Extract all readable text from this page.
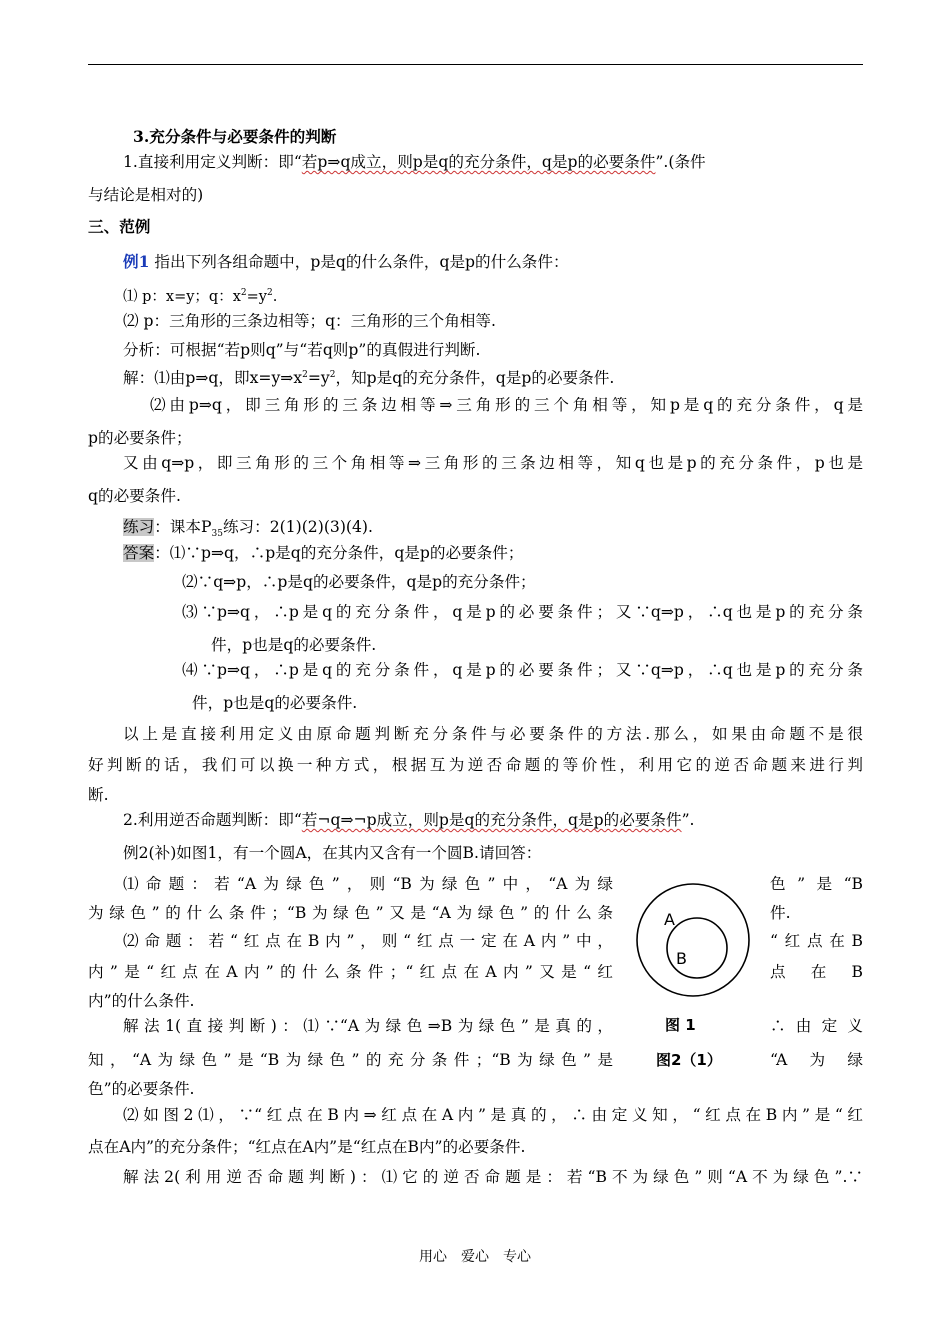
3.充分条件与必要条件的判断
1.直接利用定义判断：即“若p⇒q成立，则p是q的充分条件，q是p的必要条件”.(条件
与结论是相对的)
三、范例
例1 指出下列各组命题中，p是q的什么条件，q是p的什么条件：
⑴ p：x=y；q：$x^2=y^2$.
⑵ p：三角形的三条边相等；q：三角形的三个角相等.
分析：可根据“若p则q”与“若q则p”的真假进行判断.
解：⑴由p⇒q，即$x=y\Rightarrow x^2=y^2$，知p是q的充分条件，q是p的必要条件.
⑵由p⇒q，即三角形的三条边相等⇒三角形的三个角相等，知p是q的充分条件，q是
p的必要条件；
又由q⇒p，即三角形的三个角相等⇒三角形的三条边相等，知q也是p的充分条件，p也是
q的必要条件.
练习：课本$P_{35}$练习：2(1)(2)(3)(4).
答案：⑴∵p⇒q，∴p是q的充分条件，q是p的必要条件；
⑵∵q⇒p，∴p是q的必要条件，q是p的充分条件；
⑶∵p⇒q，∴p是q的充分条件，q是p的必要条件；又∵q⇒p，∴q也是p的充分条
件，p也是q的必要条件.
⑷∵p⇒q，∴p是q的充分条件，q是p的必要条件；又∵q⇒p，∴q也是p的充分条
件，p也是q的必要条件.
以上是直接利用定义由原命题判断充分条件与必要条件的方法.那么，如果由命题不是很
好判断的话，我们可以换一种方式，根据互为逆否命题的等价性，利用它的逆否命题来进行判
断.
2.利用逆否命题判断：即“若¬q⇒¬p成立，则p是q的充分条件，q是p的必要条件”.
例2(补)如图1，有一个圆A，在其内又含有一个圆B.请回答：
⑴命题：若“A为绿色”，则“B为绿色”中，“A为绿	色”是“B
为绿色”的什么条件；“B为绿色”又是“A为绿色”的什么条	件.
⑵命题：若“红点在B内”，则“红点一定在A内”中，	“红点在B
内”是“红点在A内”的什么条件；“红点在A内”又是“红	点 在 B
内”的什么条件.
解法1(直接判断)：⑴∵“A为绿色⇒B为绿色”是真的，	∴由定义
知，“A为绿色”是“B为绿色”的充分条件；“B为绿色”是	“A为绿
色”的必要条件.
⑵如图2⑴，∵“红点在B内⇒红点在A内”是真的，∴由定义知，“红点在B内”是“红
点在A内”的充分条件；“红点在A内”是“红点在B内”的必要条件.
解法2(利用逆否命题判断)：⑴它的逆否命题是：若“B不为绿色”则“A不为绿色”.∵
A
B
图 1
图2（1）
用心　爱心　专心
